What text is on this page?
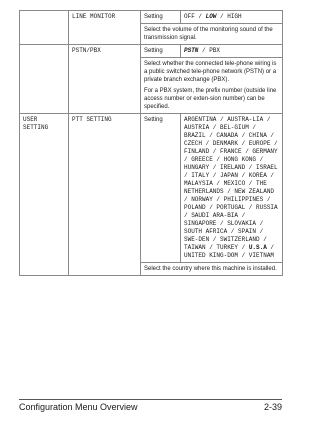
	LINE MONITOR	Setting	OFF / LOW / HIGH
		Select the volume of the monitoring sound of the transmission signal.	
	PSTN/PBX	Setting	PSTN / PBX

		Select whether the connected tele-phone wiring is a public switched tele-phone network (PSTN) or a private branch exchange (PBX).

For a PBX system, the prefix number (outside line access number or exten-sion number) can be specified.	

USER SETTING	PTT SETTING	Setting	ARGENTINA / AUSTRA-LIA / AUSTRIA / BEL-GIUM / BRAZIL / CANADA / CHINA / CZECH / DENMARK / EUROPE / FINLAND / FRANCE / GERMANY / GREECE / HONG KONG / HUNGARY / IRELAND / ISRAEL / ITALY / JAPAN / KOREA / MALAYSIA / MEXICO / THE NETHERLANDS / NEW ZEALAND / NORWAY / PHILIPPINES / POLAND / PORTUGAL / RUSSIA / SAUDI ARA-BIA / SINGAPORE / SLOVAKIA / SOUTH AFRICA / SPAIN / SWE-DEN / SWITZERLAND / TAIWAN / TURKEY / U.S.A / UNITED KING-DOM / VIETNAM
		Select the country where this machine is installed.	
Configuration Menu Overview	2-39
